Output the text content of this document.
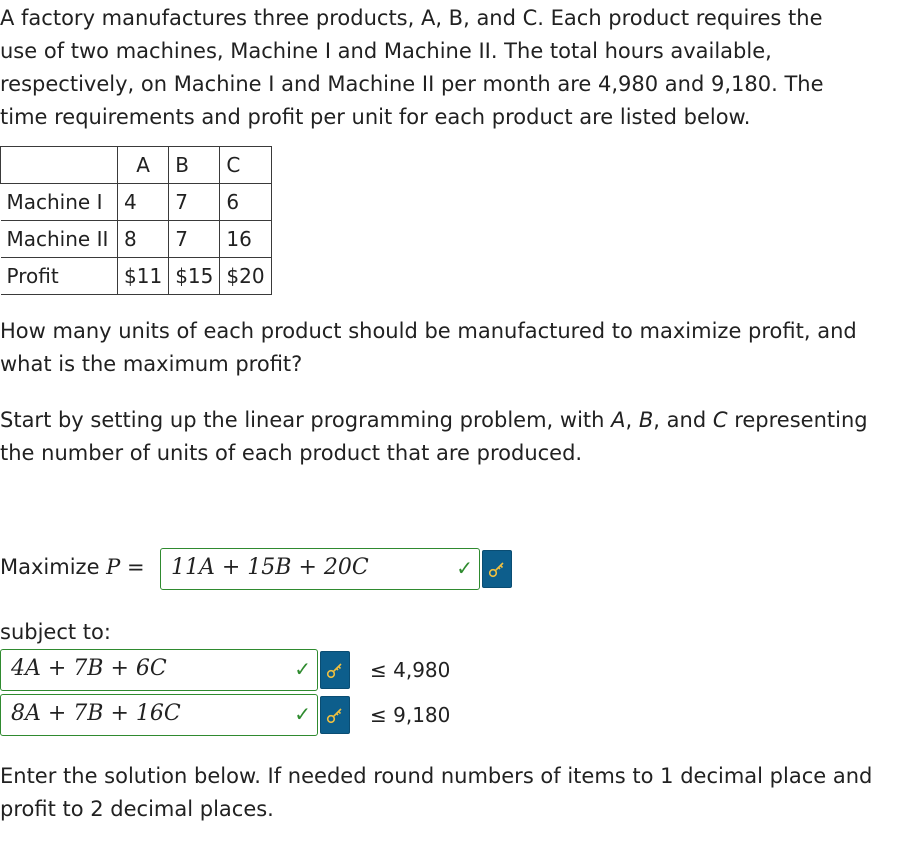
A factory manufactures three products, A, B, and C. Each product requires the use of two machines, Machine I and Machine II. The total hours available, respectively, on Machine I and Machine II per month are 4,980 and 9,180. The time requirements and profit per unit for each product are listed below.

	A	B	C
Machine I	4	7	6
Machine II	8	7	16
Profit	$11	$15	$20

How many units of each product should be manufactured to maximize profit, and what is the maximum profit?

Start by setting up the linear programming problem, with A, B, and C representing the number of units of each product that are produced.

Maximize P =	11A + 15B + 20C	✓
subject to:
4A + 7B + 6C	✓	≤ 4,980
8A + 7B + 16C	✓	≤ 9,180

Enter the solution below. If needed round numbers of items to 1 decimal place and profit to 2 decimal places.
